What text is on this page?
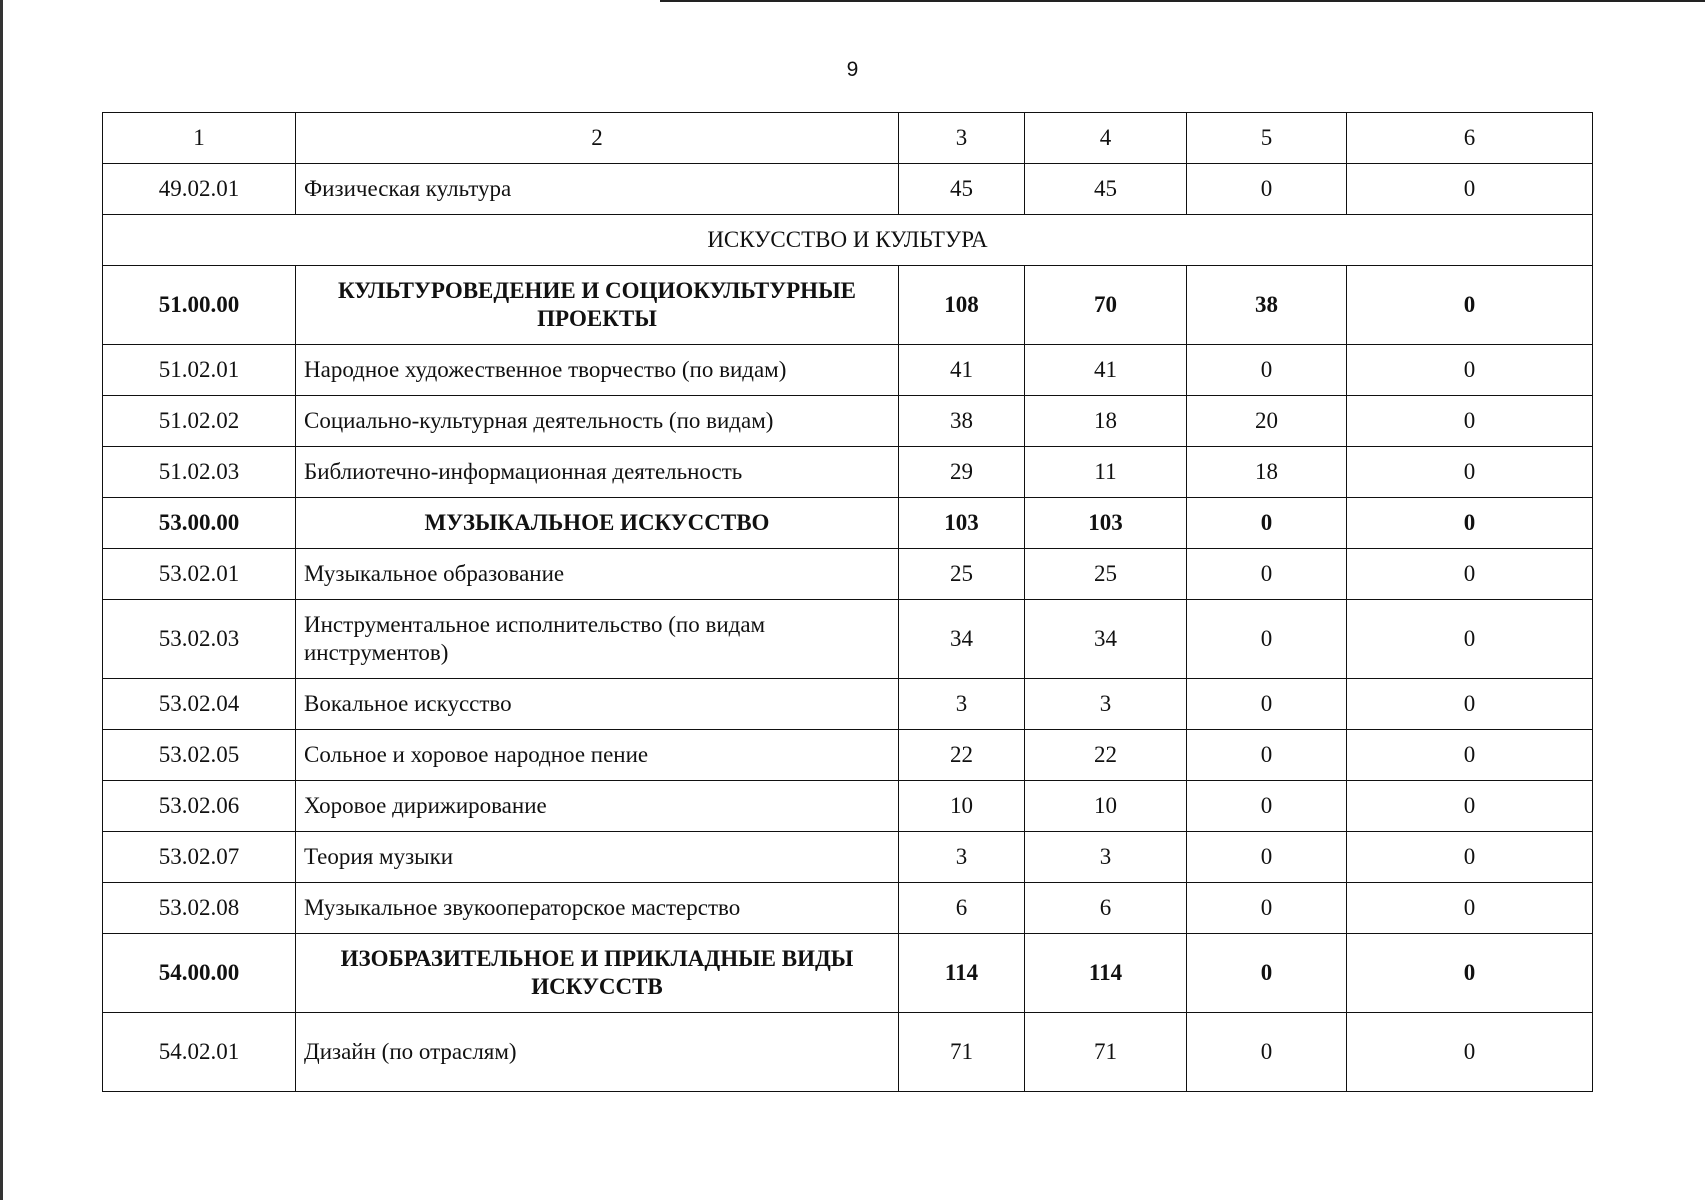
9
1	2	3	4	5	6
49.02.01	Физическая культура	45	45	0	0
ИСКУССТВО И КУЛЬТУРА					
51.00.00	КУЛЬТУРОВЕДЕНИЕ И СОЦИОКУЛЬТУРНЫЕ ПРОЕКТЫ	108	70	38	0
51.02.01	Народное художественное творчество (по видам)	41	41	0	0
51.02.02	Социально-культурная деятельность (по видам)	38	18	20	0
51.02.03	Библиотечно-информационная деятельность	29	11	18	0
53.00.00	МУЗЫКАЛЬНОЕ ИСКУССТВО	103	103	0	0
53.02.01	Музыкальное образование	25	25	0	0
53.02.03	Инструментальное исполнительство (по видам инструментов)	34	34	0	0
53.02.04	Вокальное искусство	3	3	0	0
53.02.05	Сольное и хоровое народное пение	22	22	0	0
53.02.06	Хоровое дирижирование	10	10	0	0
53.02.07	Теория музыки	3	3	0	0
53.02.08	Музыкальное звукооператорское мастерство	6	6	0	0
54.00.00	ИЗОБРАЗИТЕЛЬНОЕ И ПРИКЛАДНЫЕ ВИДЫ ИСКУССТВ	114	114	0	0
54.02.01	Дизайн (по отраслям)	71	71	0	0
